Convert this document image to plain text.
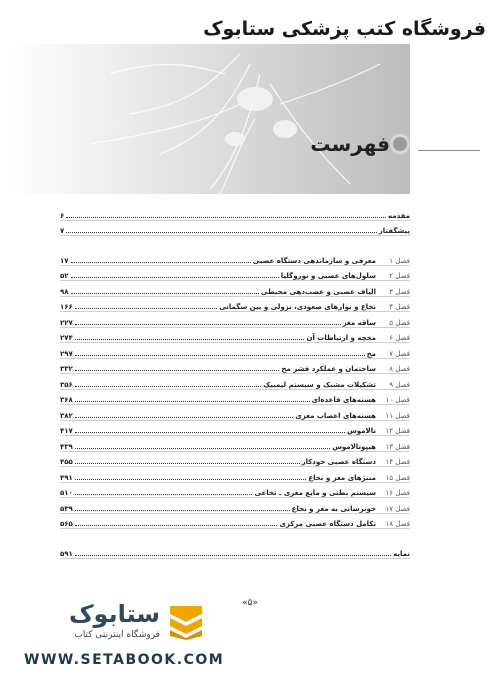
فروشگاه کتب پزشکی ستابوک
فهرست
مقدمه
۶
پیشگفتار
۷
فصل ۱
معرفی و سازماندهی دستگاه عصبی
۱۷
فصل ۲
سلول‌های عصبی و نوروگلیا
۵۲
فصل ۳
الیاف عصبی و عصب‌دهی محیطی
۹۸
فصل ۴
نخاع و نوارهای صعودی، نزولی و بین سگمانی
۱۶۶
فصل ۵
ساقه مغز
۲۲۷
فصل ۶
مخچه و ارتباطات آن
۲۷۴
فصل ۷
مخ
۲۹۷
فصل ۸
ساختمان و عملکرد قشر مخ
۳۳۲
فصل ۹
تشکیلات مشبک و سیستم لیمبیک
۳۵۶
فصل ۱۰
هسته‌های قاعده‌ای
۳۶۸
فصل ۱۱
هسته‌های اعصاب مغزی
۳۸۲
فصل ۱۲
تالاموس
۴۱۷
فصل ۱۳
هیپوتالاموس
۴۳۹
فصل ۱۴
دستگاه عصبی خودکار
۴۵۵
فصل ۱۵
مننژهای مغز و نخاع
۴۹۱
فصل ۱۶
سیستم بطنی و مایع مغزی ـ نخاعی
۵۱۰
فصل ۱۷
خونرسانی به مغز و نخاع
۵۳۹
فصل ۱۸
تکامل دستگاه عصبی مرکزی
۵۶۵
نمایه
۵۹۱
«۵»
ستابوک
فروشگاه اینترنتی کتاب
WWW.SETABOOK.COM
